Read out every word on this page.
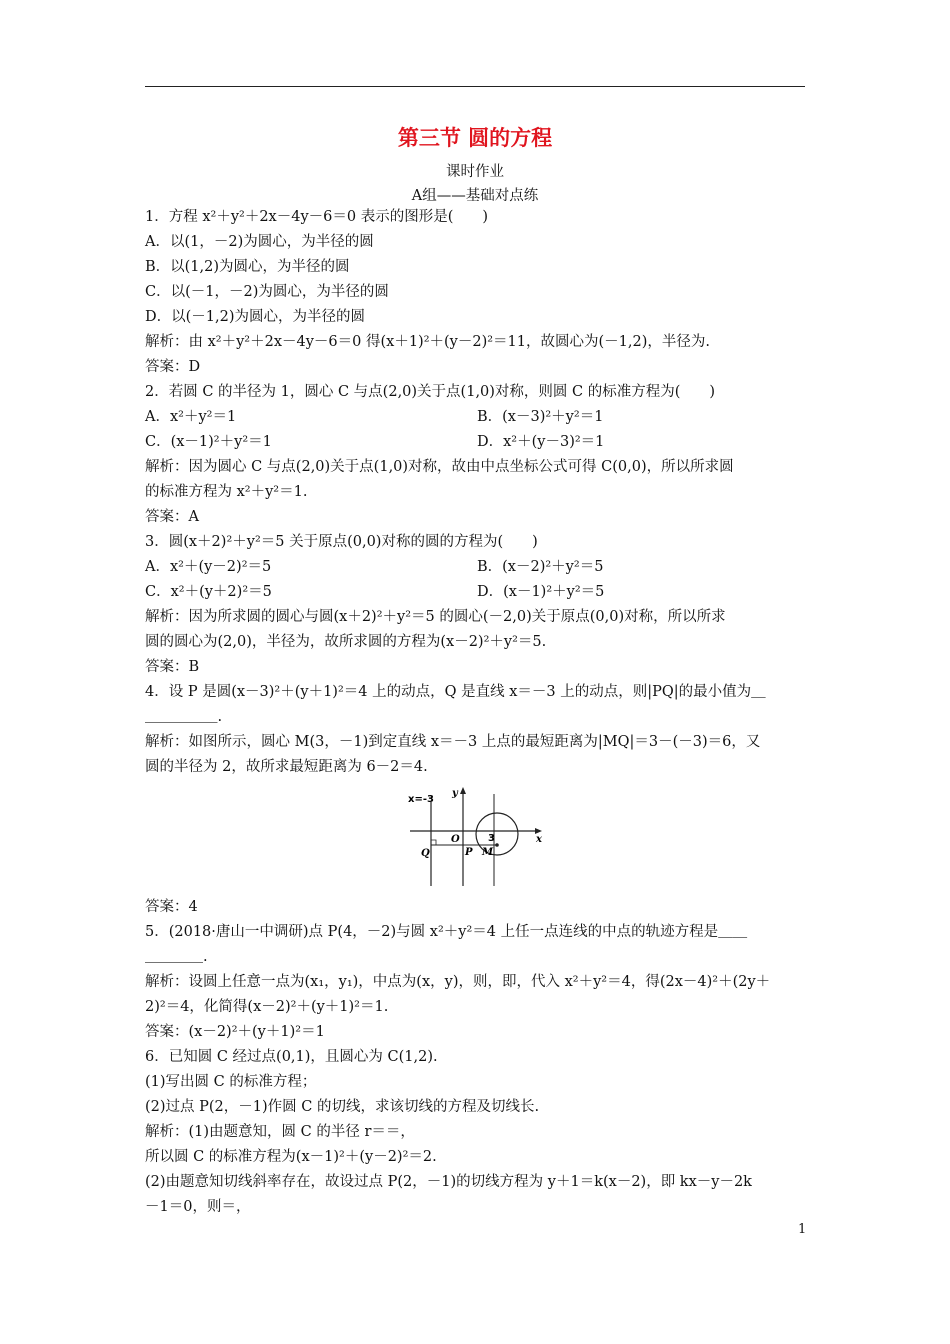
第三节 圆的方程
课时作业
A组——基础对点练
1．方程 x²＋y²＋2x－4y－6＝0 表示的图形是(　　)
A．以(1，－2)为圆心，为半径的圆
B．以(1,2)为圆心，为半径的圆
C．以(－1，－2)为圆心，为半径的圆
D．以(－1,2)为圆心，为半径的圆
解析：由 x²＋y²＋2x－4y－6＝0 得(x＋1)²＋(y－2)²＝11，故圆心为(－1,2)，半径为.
答案：D
2．若圆 C 的半径为 1，圆心 C 与点(2,0)关于点(1,0)对称，则圆 C 的标准方程为(　　)
A．x²＋y²＝1	B．(x－3)²＋y²＝1
C．(x－1)²＋y²＝1	D．x²＋(y－3)²＝1
解析：因为圆心 C 与点(2,0)关于点(1,0)对称，故由中点坐标公式可得 C(0,0)，所以所求圆
的标准方程为 x²＋y²＝1.
答案：A
3．圆(x＋2)²＋y²＝5 关于原点(0,0)对称的圆的方程为(　　)
A．x²＋(y－2)²＝5	B．(x－2)²＋y²＝5
C．x²＋(y＋2)²＝5	D．(x－1)²＋y²＝5
解析：因为所求圆的圆心与圆(x＋2)²＋y²＝5 的圆心(－2,0)关于原点(0,0)对称，所以所求
圆的圆心为(2,0)，半径为，故所求圆的方程为(x－2)²＋y²＝5.
答案：B
4．设 P 是圆(x－3)²＋(y＋1)²＝4 上的动点，Q 是直线 x＝－3 上的动点，则|PQ|的最小值为＿
＿＿＿＿＿.
解析：如图所示，圆心 M(3，－1)到定直线 x＝－3 上点的最短距离为|MQ|＝3－(－3)＝6，又
圆的半径为 2，故所求最短距离为 6－2＝4.
x=-3
y
x
O	3
Q	P M
答案：4
5．(2018·唐山一中调研)点 P(4，－2)与圆 x²＋y²＝4 上任一点连线的中点的轨迹方程是＿＿
＿＿＿＿.
解析：设圆上任意一点为(x₁，y₁)，中点为(x，y)，则，即，代入 x²＋y²＝4，得(2x－4)²＋(2y＋
2)²＝4，化简得(x－2)²＋(y＋1)²＝1.
答案：(x－2)²＋(y＋1)²＝1
6．已知圆 C 经过点(0,1)，且圆心为 C(1,2).
(1)写出圆 C 的标准方程；
(2)过点 P(2，－1)作圆 C 的切线，求该切线的方程及切线长.
解析：(1)由题意知，圆 C 的半径 r＝＝，
所以圆 C 的标准方程为(x－1)²＋(y－2)²＝2.
(2)由题意知切线斜率存在，故设过点 P(2，－1)的切线方程为 y＋1＝k(x－2)，即 kx－y－2k
－1＝0，则＝，
1
